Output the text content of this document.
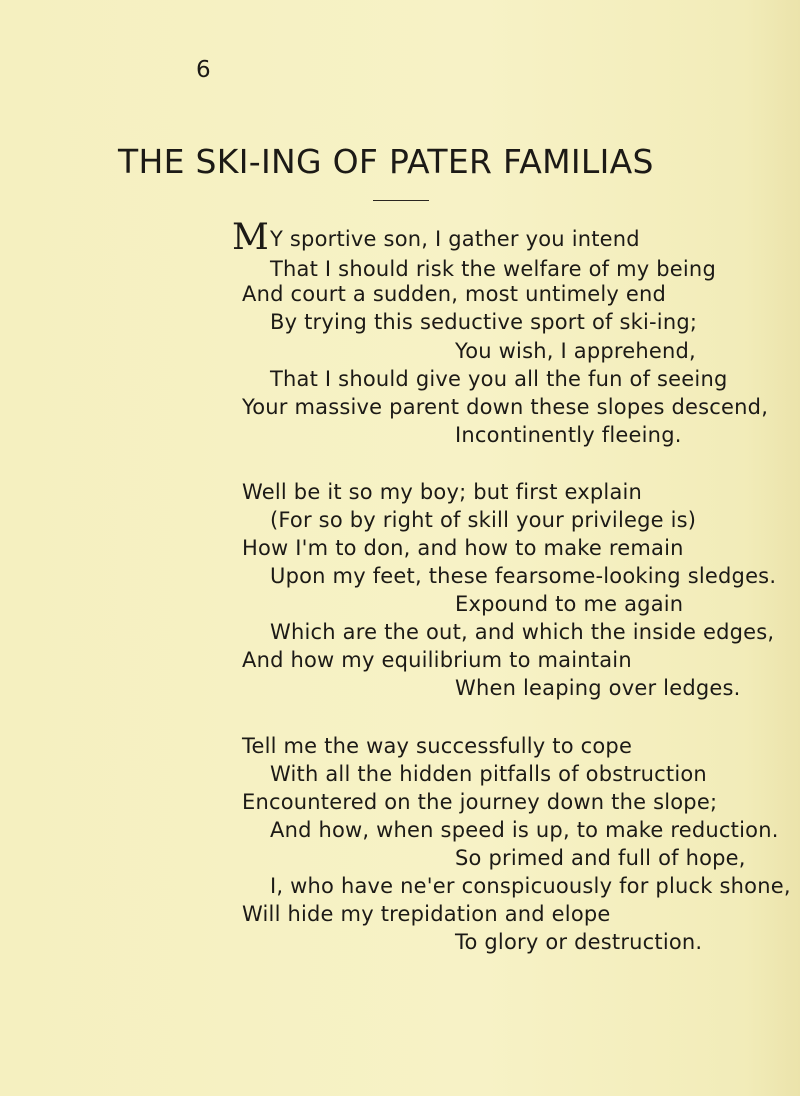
6
THE SKI-ING OF PATER FAMILIAS
M Y sportive son, I gather you intend
That I should risk the welfare of my being
And court a sudden, most untimely end
By trying this seductive sport of ski-ing;
You wish, I apprehend,
That I should give you all the fun of seeing
Your massive parent down these slopes descend,
Incontinently fleeing.
Well be it so my boy; but first explain
(For so by right of skill your privilege is)
How I'm to don, and how to make remain
Upon my feet, these fearsome-looking sledges.
Expound to me again
Which are the out, and which the inside edges,
And how my equilibrium to maintain
When leaping over ledges.
Tell me the way successfully to cope
With all the hidden pitfalls of obstruction
Encountered on the journey down the slope;
And how, when speed is up, to make reduction.
So primed and full of hope,
I, who have ne'er conspicuously for pluck shone,
Will hide my trepidation and elope
To glory or destruction.
